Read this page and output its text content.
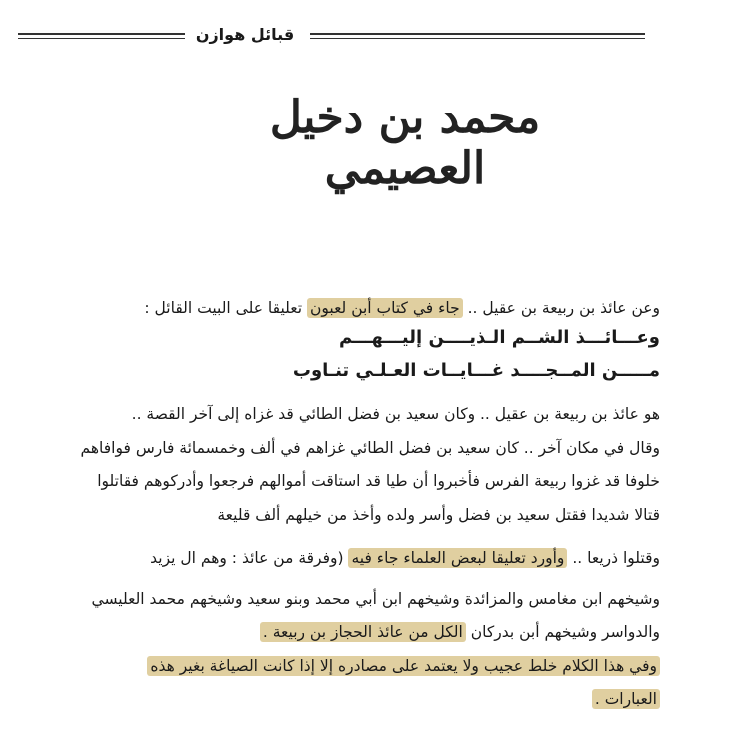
قبائل هوازن
محمد بن دخيل العصيمي
وعن عائذ بن ربيعة بن عقيل .. جاء في كتاب أبن لعبون تعليقا على البيت القائل :
وعـــائـــذ الشــم الـذيــــن إليـــهـــم
مـــــن المــجــــد غـــايــات العـلـي تنـاوب
هو عائذ بن ربيعة بن عقيل .. وكان سعيد بن فضل الطائي قد غزاه إلى آخر القصة ..
وقال في مكان آخر .. كان سعيد بن فضل الطائي غزاهم في ألف وخمسمائة فارس فوافاهم
خلوفا قد غزوا ربيعة الفرس فأخبروا أن طيا قد استاقت أموالهم فرجعوا وأدركوهم فقاتلوا
قتالا شديدا فقتل سعيد بن فضل وأسر ولده وأخذ من خيلهم ألف قليعة
وقتلوا ذريعا .. وأورد تعليقا لبعض العلماء جاء فيه (وفرقة من عائذ : وهم ال يزيد
وشيخهم ابن مغامس والمزائدة وشيخهم ابن أبي محمد وبنو سعيد وشيخهم محمد العليسي
والدواسر وشيخهم أبن بدركان الكل من عائذ الحجاز بن ربيعة .
وفي هذا الكلام خلط عجيب ولا يعتمد على مصادره إلا إذا كانت الصياغة بغير هذه
العبارات .
